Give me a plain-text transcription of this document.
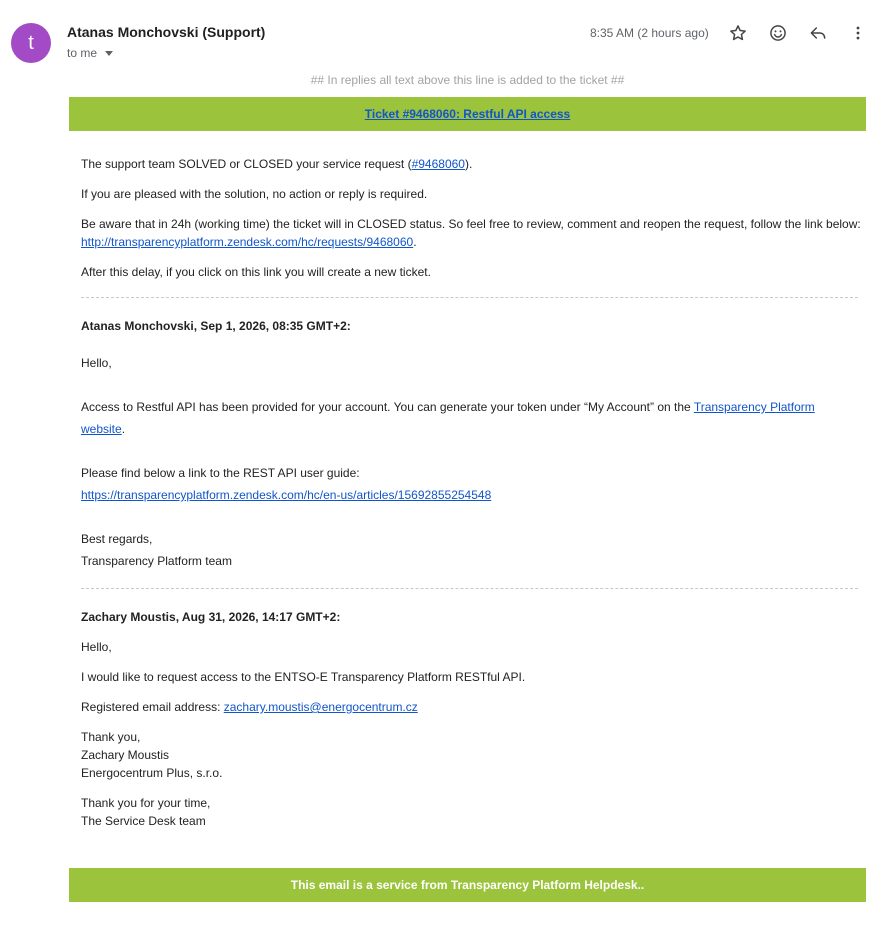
t	Atanas Monchovski (Support)
to me
8:35 AM (2 hours ago)
## In replies all text above this line is added to the ticket ##
Ticket #9468060: Restful API access

The support team SOLVED or CLOSED your service request (#9468060).

If you are pleased with the solution, no action or reply is required.

Be aware that in 24h (working time) the ticket will in CLOSED status. So feel free to review, comment and reopen the request, follow the link below:
http://transparencyplatform.zendesk.com/hc/requests/9468060.

After this delay, if you click on this link you will create a new ticket.

Atanas Monchovski, Sep 1, 2026, 08:35 GMT+2:

Hello,

Access to Restful API has been provided for your account. You can generate your token under “My Account” on the Transparency Platform website.

Please find below a link to the REST API user guide:

https://transparencyplatform.zendesk.com/hc/en-us/articles/15692855254548

Best regards,

Transparency Platform team

Zachary Moustis, Aug 31, 2026, 14:17 GMT+2:

Hello,

I would like to request access to the ENTSO-E Transparency Platform RESTful API.

Registered email address: zachary.moustis@energocentrum.cz

Thank you,

Zachary Moustis

Energocentrum Plus, s.r.o.

Thank you for your time,

The Service Desk team

This email is a service from Transparency Platform Helpdesk..
